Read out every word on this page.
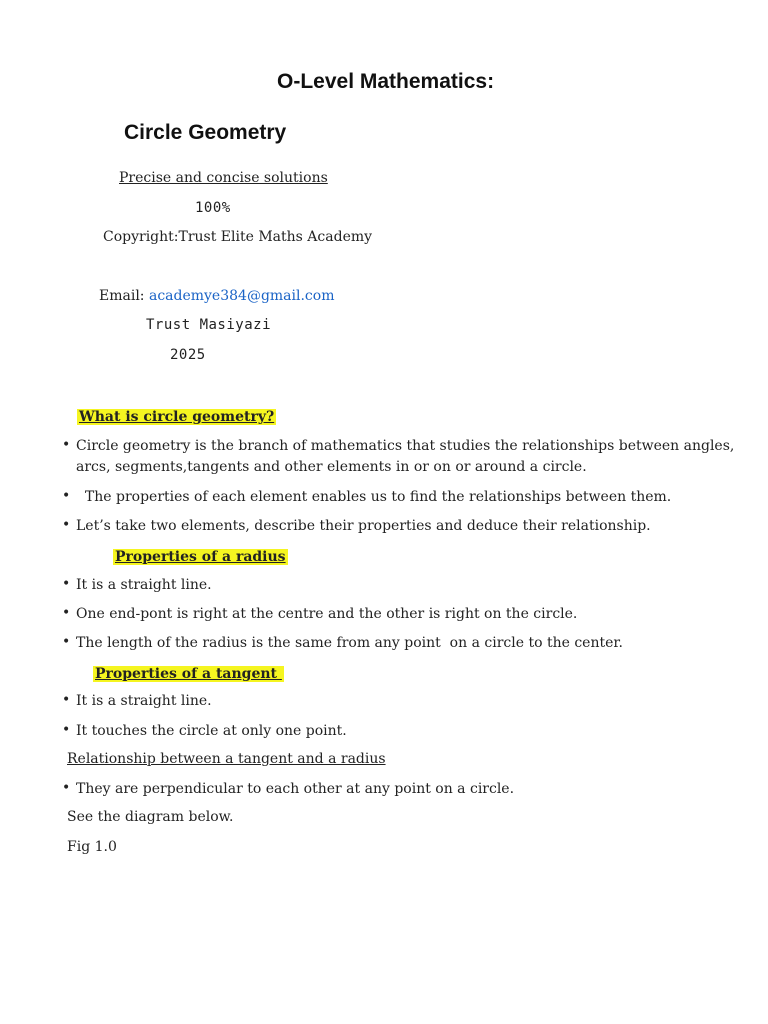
O-Level Mathematics:
Circle Geometry
Precise and concise solutions
100%
Copyright:Trust Elite Maths Academy
Email: academye384@gmail.com
Trust Masiyazi
2025
What is circle geometry?
• Circle geometry is the branch of mathematics that studies the relationships between angles,
arcs, segments,tangents and other elements in or on or around a circle.
• The properties of each element enables us to find the relationships between them.
• Let’s take two elements, describe their properties and deduce their relationship.
Properties of a radius
• It is a straight line.
• One end-pont is right at the centre and the other is right on the circle.
• The length of the radius is the same from any point  on a circle to the center.
Properties of a tangent
• It is a straight line.
• It touches the circle at only one point.
Relationship between a tangent and a radius
• They are perpendicular to each other at any point on a circle.
See the diagram below.
Fig 1.0
